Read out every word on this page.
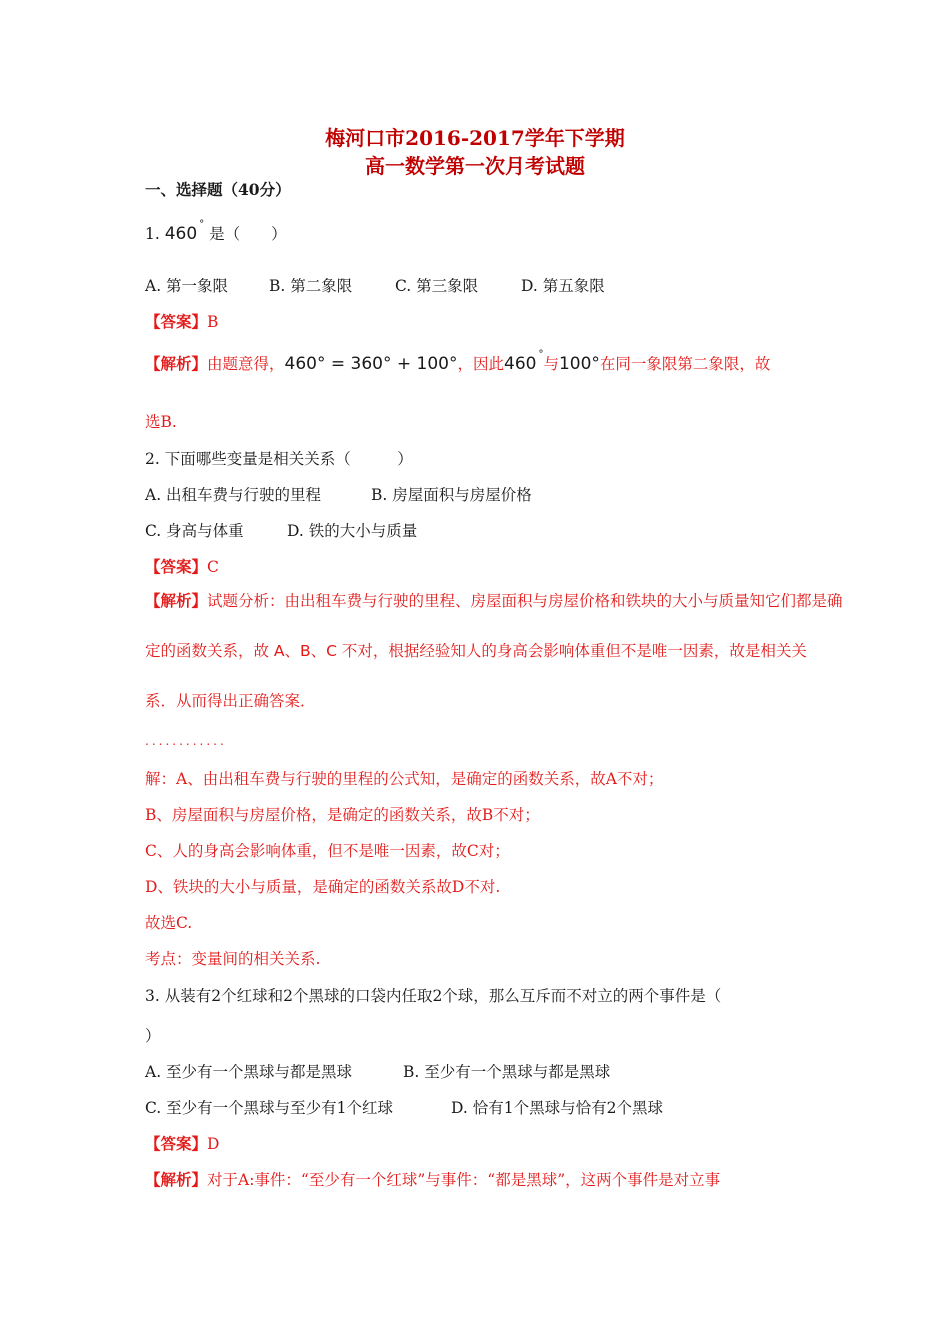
梅河口市2016-2017学年下学期
高一数学第一次月考试题
一、选择题（40分）
1. 460 ° 是（　　）
A. 第一象限	B. 第二象限	C. 第三象限	D. 第五象限
【答案】B
【解析】由题意得，460° = 360° + 100°，因此460 °与100°在同一象限第二象限，故
选B.
2. 下面哪些变量是相关关系（　　　）
A. 出租车费与行驶的里程	B. 房屋面积与房屋价格
C. 身高与体重	D. 铁的大小与质量
【答案】C
【解析】试题分析：由出租车费与行驶的里程、房屋面积与房屋价格和铁块的大小与质量知它们都是确
定的函数关系，故 A、B、C 不对，根据经验知人的身高会影响体重但不是唯一因素，故是相关关
系．从而得出正确答案．
............
解：A、由出租车费与行驶的里程的公式知，是确定的函数关系，故A不对；
B、房屋面积与房屋价格，是确定的函数关系，故B不对；
C、人的身高会影响体重，但不是唯一因素，故C对；
D、铁块的大小与质量，是确定的函数关系故D不对.
故选C.
考点：变量间的相关关系.
3. 从装有2个红球和2个黑球的口袋内任取2个球，那么互斥而不对立的两个事件是（
）
A. 至少有一个黑球与都是黑球	B. 至少有一个黑球与都是黑球
C. 至少有一个黑球与至少有1个红球	D. 恰有1个黑球与恰有2个黑球
【答案】D
【解析】对于A:事件：“至少有一个红球”与事件：“都是黑球”，这两个事件是对立事
